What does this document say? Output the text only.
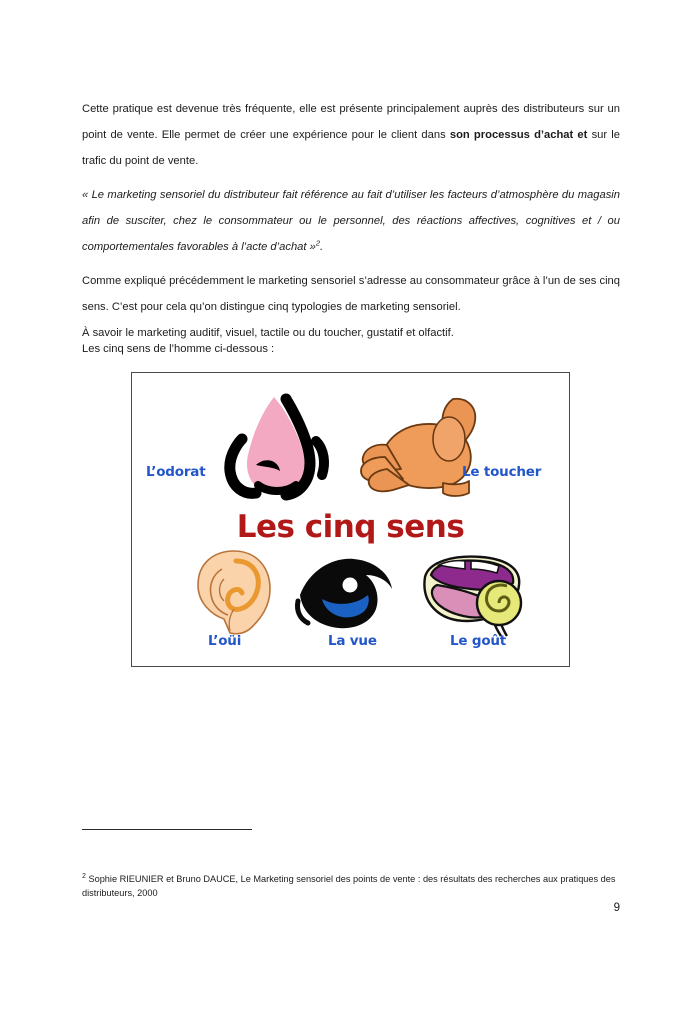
Cette pratique est devenue très fréquente, elle est présente principalement auprès des distributeurs sur un point de vente. Elle permet de créer une expérience pour le client dans son processus d’achat et sur le trafic du point de vente.

« Le marketing sensoriel du distributeur fait référence au fait d’utiliser les facteurs d’atmosphère du magasin afin de susciter, chez le consommateur ou le personnel, des réactions affectives, cognitives et / ou comportementales favorables à l’acte d’achat »$^2$.

Comme expliqué précédemment le marketing sensoriel s’adresse au consommateur grâce à l’un de ses cinq sens. C’est pour cela qu’on distingue cinq typologies de marketing sensoriel.

À savoir le marketing auditif, visuel, tactile ou du toucher, gustatif et olfactif.

Les cinq sens de l’homme ci-dessous :
Les cinq sens
L’odorat	Le toucher
L’oüi	La vue	Le goût
$^2$ Sophie RIEUNIER et Bruno DAUCE, Le Marketing sensoriel des points de vente : des résultats des recherches aux pratiques des distributeurs, 2000
9
